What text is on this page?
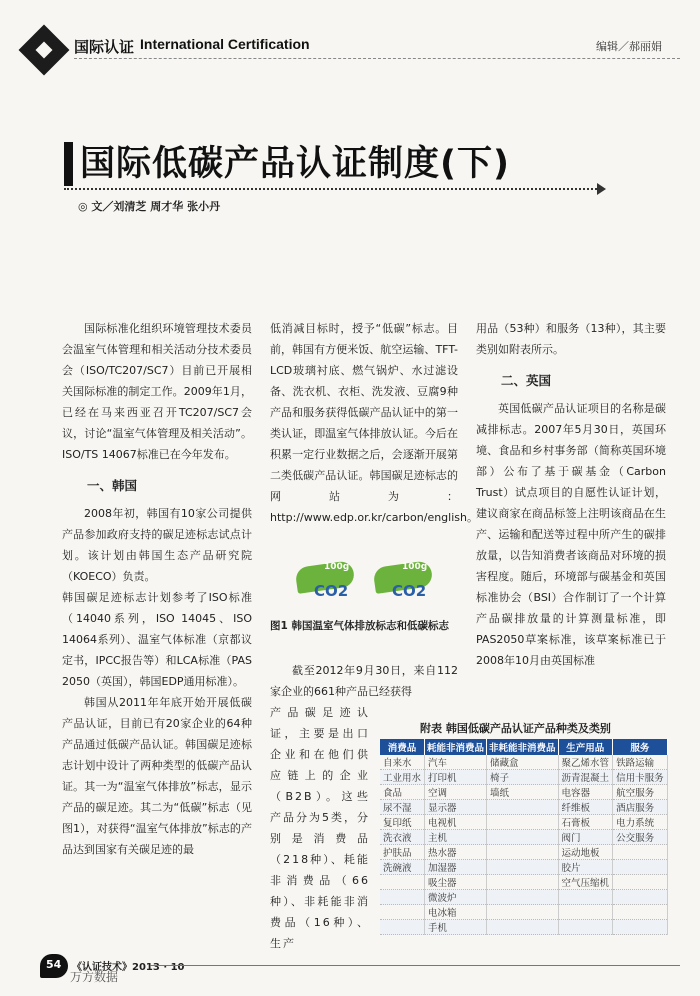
国际认证 International Certification	编辑／郝丽娟
国际低碳产品认证制度(下)
◎ 文／刘清芝 周才华 张小丹

国际标准化组织环境管理技术委员会温室气体管理和相关活动分技术委员会（ISO/TC207/SC7）目前已开展相关国际标准的制定工作。2009年1月，已经在马来西亚召开TC207/SC7会议，讨论“温室气体管理及相关活动”。ISO/TS 14067标准已在今年发布。

一、韩国

2008年初，韩国有10家公司提供产品参加政府支持的碳足迹标志试点计划。该计划由韩国生态产品研究院（KOECO）负责。

韩国碳足迹标志计划参考了ISO标准（14040系列，ISO 14045、ISO 14064系列）、温室气体标准（京都议定书，IPCC报告等）和LCA标准（PAS 2050（英国），韩国EDP通用标准）。

韩国从2011年年底开始开展低碳产品认证，目前已有20家企业的64种产品通过低碳产品认证。韩国碳足迹标志计划中设计了两种类型的低碳产品认证。其一为“温室气体排放”标志，显示产品的碳足迹。其二为“低碳”标志（见图1），对获得“温室气体排放”标志的产品达到国家有关碳足迹的最

低消减目标时，授予“低碳”标志。目前，韩国有方便米饭、航空运输、TFT-LCD玻璃衬底、燃气锅炉、水过滤设备、洗衣机、衣柜、洗发液、豆腐9种产品和服务获得低碳产品认证中的第一类认证，即温室气体排放认证。今后在积累一定行业数据之后，会逐渐开展第二类低碳产品认证。韩国碳足迹标志的网站为：http://www.edp.or.kr/carbon/english。

100g
CO2
100g
CO2
图1 韩国温室气体排放标志和低碳标志

截至2012年9月30日，来自112家企业的661种产品已经获得

产品碳足迹认证，主要是出口企业和在他们供应链上的企业（B2B）。这些产品分为5类，分别是消费品（218种）、耗能非消费品（66种）、非耗能非消费品（16种）、生产

用品（53种）和服务（13种），其主要类别如附表所示。

二、英国

英国低碳产品认证项目的名称是碳减排标志。2007年5月30日，英国环境、食品和乡村事务部（简称英国环境部）公布了基于碳基金（Carbon Trust）试点项目的自愿性认证计划，建议商家在商品标签上注明该商品在生产、运输和配送等过程中所产生的碳排放量，以告知消费者该商品对环境的损害程度。随后，环境部与碳基金和英国标准协会（BSI）合作制订了一个计算产品碳排放量的计算测量标准，即PAS2050草案标准，该草案标准已于2008年10月由英国标准

附表 韩国低碳产品认证产品种类及类别
消费品	耗能非消费品	非耗能非消费品	生产用品	服务
自来水	汽车	储藏盒	聚乙烯水管	铁路运输
工业用水	打印机	椅子	沥青混凝土	信用卡服务
食品	空调	墙纸	电容器	航空服务
尿不湿	显示器		纤维板	酒店服务
复印纸	电视机		石膏板	电力系统
洗衣液	主机		阀门	公交服务
护肤品	热水器		运动地板	
洗碗液	加湿器		胶片	
	吸尘器		空气压缩机	
	微波炉			
	电冰箱			
	手机			
54 《认证技术》2013 · 10
万方数据
